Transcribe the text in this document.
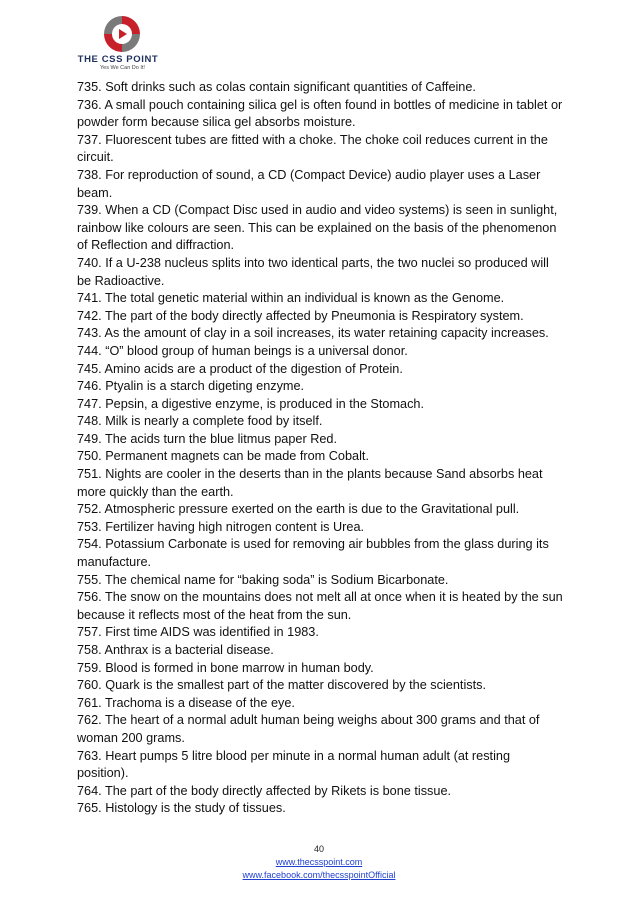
THE CSS POINT
Yes We Can Do It!

735. Soft drinks such as colas contain significant quantities of Caffeine.

736. A small pouch containing silica gel is often found in bottles of medicine in tablet or powder form because silica gel absorbs moisture.

737. Fluorescent tubes are fitted with a choke. The choke coil reduces current in the circuit.

738. For reproduction of sound, a CD (Compact Device) audio player uses a Laser beam.

739. When a CD (Compact Disc used in audio and video systems) is seen in sunlight, rainbow like colours are seen. This can be explained on the basis of the phenomenon of Reflection and diffraction.

740. If a U-238 nucleus splits into two identical parts, the two nuclei so produced will be Radioactive.

741. The total genetic material within an individual is known as the Genome.

742. The part of the body directly affected by Pneumonia is Respiratory system.

743. As the amount of clay in a soil increases, its water retaining capacity increases.

744. “O” blood group of human beings is a universal donor.

745. Amino acids are a product of the digestion of Protein.

746. Ptyalin is a starch digeting enzyme.

747. Pepsin, a digestive enzyme, is produced in the Stomach.

748. Milk is nearly a complete food by itself.

749. The acids turn the blue litmus paper Red.

750. Permanent magnets can be made from Cobalt.

751. Nights are cooler in the deserts than in the plants because Sand absorbs heat more quickly than the earth.

752. Atmospheric pressure exerted on the earth is due to the Gravitational pull.

753. Fertilizer having high nitrogen content is Urea.

754. Potassium Carbonate is used for removing air bubbles from the glass during its manufacture.

755. The chemical name for “baking soda” is Sodium Bicarbonate.

756. The snow on the mountains does not melt all at once when it is heated by the sun because it reflects most of the heat from the sun.

757. First time AIDS was identified in 1983.

758. Anthrax is a bacterial disease.

759. Blood is formed in bone marrow in human body.

760. Quark is the smallest part of the matter discovered by the scientists.

761. Trachoma is a disease of the eye.

762. The heart of a normal adult human being weighs about 300 grams and that of woman 200 grams.

763. Heart pumps 5 litre blood per minute in a normal human adult (at resting position).

764. The part of the body directly affected by Rikets is bone tissue.

765. Histology is the study of tissues.

40
www.thecsspoint.com
www.facebook.com/thecsspointOfficial
